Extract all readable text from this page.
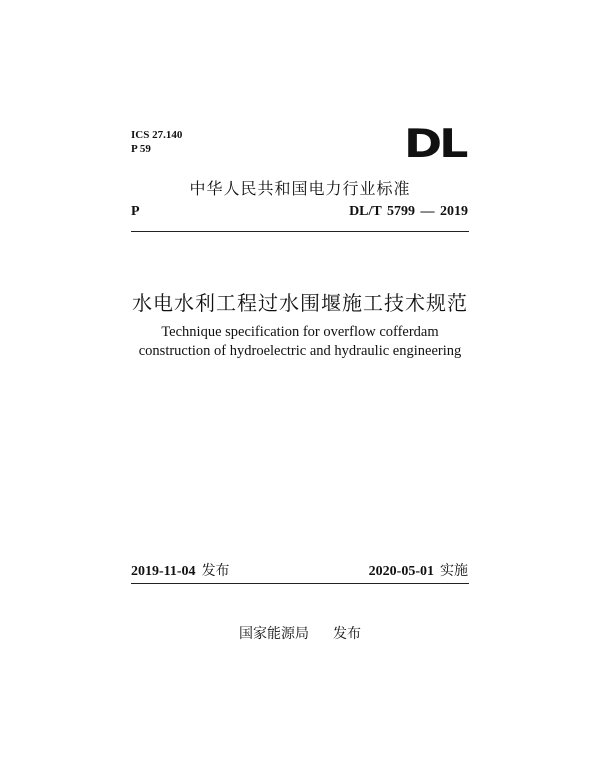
ICS 27.140
P 59	DL
中华人民共和国电力行业标准
P	DL/T 5799 — 2019
水电水利工程过水围堰施工技术规范
Technique specification for overflow cofferdam
construction of hydroelectric and hydraulic engineering
2019-11-04 发布	2020-05-01 实施
国家能源局 发布
